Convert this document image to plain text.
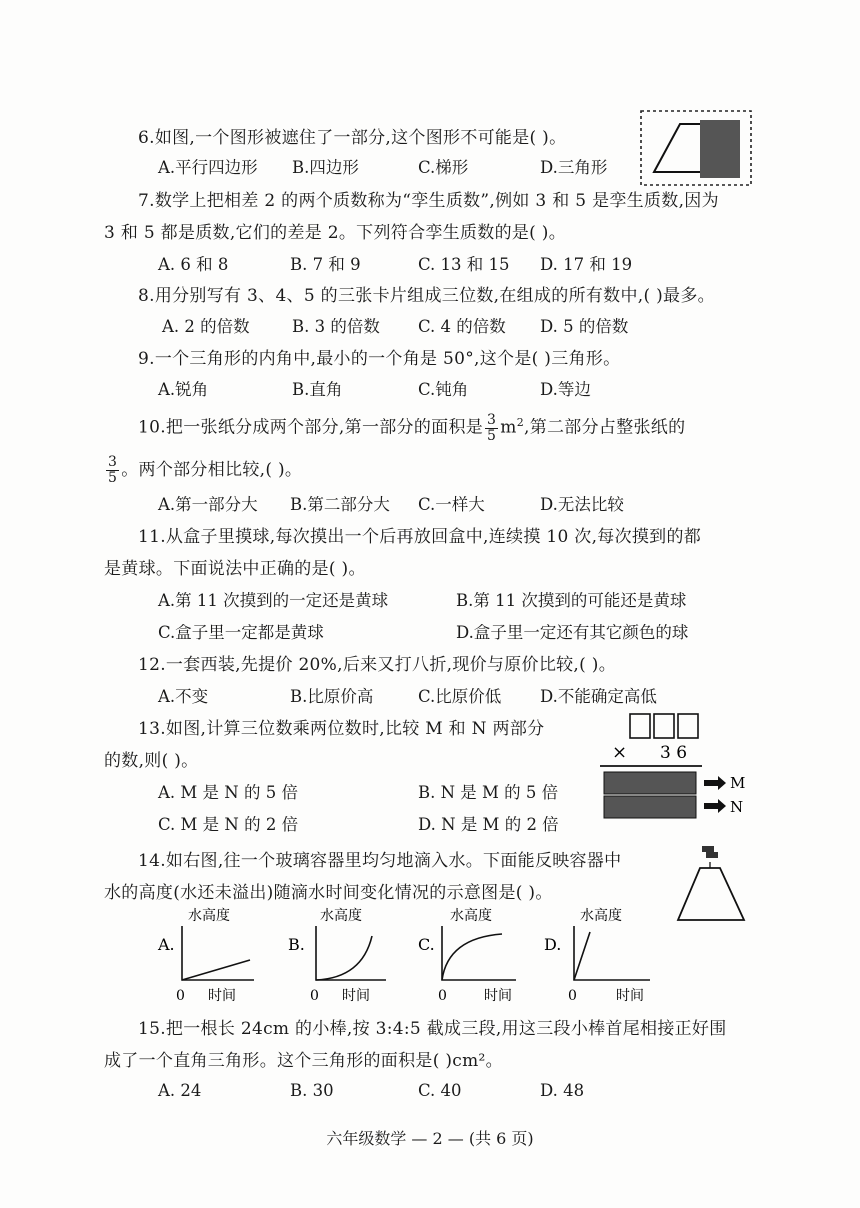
6.如图,一个图形被遮住了一部分,这个图形不可能是( )。
A.平行四边形 B.四边形	C.梯形	D.三角形
7.数学上把相差 2 的两个质数称为“孪生质数”,例如 3 和 5 是孪生质数,因为
3 和 5 都是质数,它们的差是 2。下列符合孪生质数的是( )。
A. 6 和 8	B. 7 和 9	C. 13 和 15 D. 17 和 19
8.用分别写有 3、4、5 的三张卡片组成三位数,在组成的所有数中,( )最多。
A. 2 的倍数	B. 3 的倍数 C. 4 的倍数 D. 5 的倍数
9.一个三角形的内角中,最小的一个角是 50°,这个是( )三角形。
A.锐角	B.直角	C.钝角	D.等边
10.把一张纸分成两个部分,第一部分的面积是 $\frac{3}{5} m^2$,第二部分占整张纸的
$\frac{3}{5}$ 。两个部分相比较,( )。
A.第一部分大 B.第二部分大 C.一样大	D.无法比较
11.从盒子里摸球,每次摸出一个后再放回盒中,连续摸 10 次,每次摸到的都
是黄球。下面说法中正确的是( )。
A.第 11 次摸到的一定还是黄球	B.第 11 次摸到的可能还是黄球
C.盒子里一定都是黄球	D.盒子里一定还有其它颜色的球
12.一套西装,先提价 20%,后来又打八折,现价与原价比较,( )。
A.不变	B.比原价高	C.比原价低 D.不能确定高低
13.如图,计算三位数乘两位数时,比较 M 和 N 两部分
的数,则( )。
A. M 是 N 的 5 倍	B. N 是 M 的 5 倍
C. M 是 N 的 2 倍	D. N 是 M 的 2 倍
× 3 6
M
N
14.如右图,往一个玻璃容器里均匀地滴入水。下面能反映容器中
水的高度(水还未溢出)随滴水时间变化情况的示意图是( )。
A.
水高度
0 时间
B.
水高度
0 时间
C.
水高度
0	时间
D.
水高度
0	时间
15.把一根长 24cm 的小棒,按 3:4:5 截成三段,用这三段小棒首尾相接正好围
成了一个直角三角形。这个三角形的面积是( )cm²。
A. 24	B. 30	C. 40	D. 48
六年级数学 — 2 — (共 6 页)
